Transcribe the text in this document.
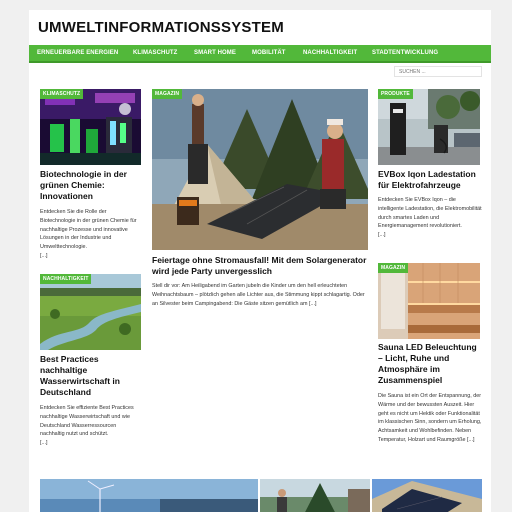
UMWELTINFORMATIONSSYSTEM
ERNEUERBARE ENERGIEN KLIMASCHUTZ	SMART HOME	MOBILITÄT	NACHHALTIGKEIT STADTENTWICKLUNG
SUCHEN ...
KLIMASCHUTZ
Biotechnologie in der grünen Chemie: Innovationen
Entdecken Sie die Rolle der Biotechnologie in der grünen Chemie für nachhaltige Prozesse und innovative Lösungen in der Industrie und Umwelttechnologie.
[...]
MAGAZIN
Feiertage ohne Stromausfall! Mit dem Solargenerator wird jede Party unvergesslich
Stell dir vor: Am Heiligabend im Garten jubeln die Kinder um den hell erleuchteten Weihnachtsbaum – plötzlich gehen alle Lichter aus, die Stimmung kippt schlagartig. Oder an Silvester beim Campingabend: Die Gäste sitzen gemütlich am [...]
PRODUKTE
EVBox Iqon Ladestation für Elektrofahrzeuge
Entdecken Sie EVBox Iqon – die intelligente Ladestation, die Elektromobilität durch smartes Laden und Energiemanagement revolutioniert.
[...]
NACHHALTIGKEIT
Best Practices nachhaltige Wasserwirtschaft in Deutschland
Entdecken Sie effiziente Best Practices nachhaltige Wasserwirtschaft und wie Deutschland Wasserressourcen nachhaltig nutzt und schützt.
[...]
MAGAZIN
Sauna LED Beleuchtung – Licht, Ruhe und Atmosphäre im Zusammenspiel
Die Sauna ist ein Ort der Entspannung, der Wärme und der bewussten Auszeit. Hier geht es nicht um Hektik oder Funktionalität im klassischen Sinn, sondern um Erholung, Achtsamkeit und Wohlbefinden. Neben Temperatur, Holzart und Raumgröße [...]
